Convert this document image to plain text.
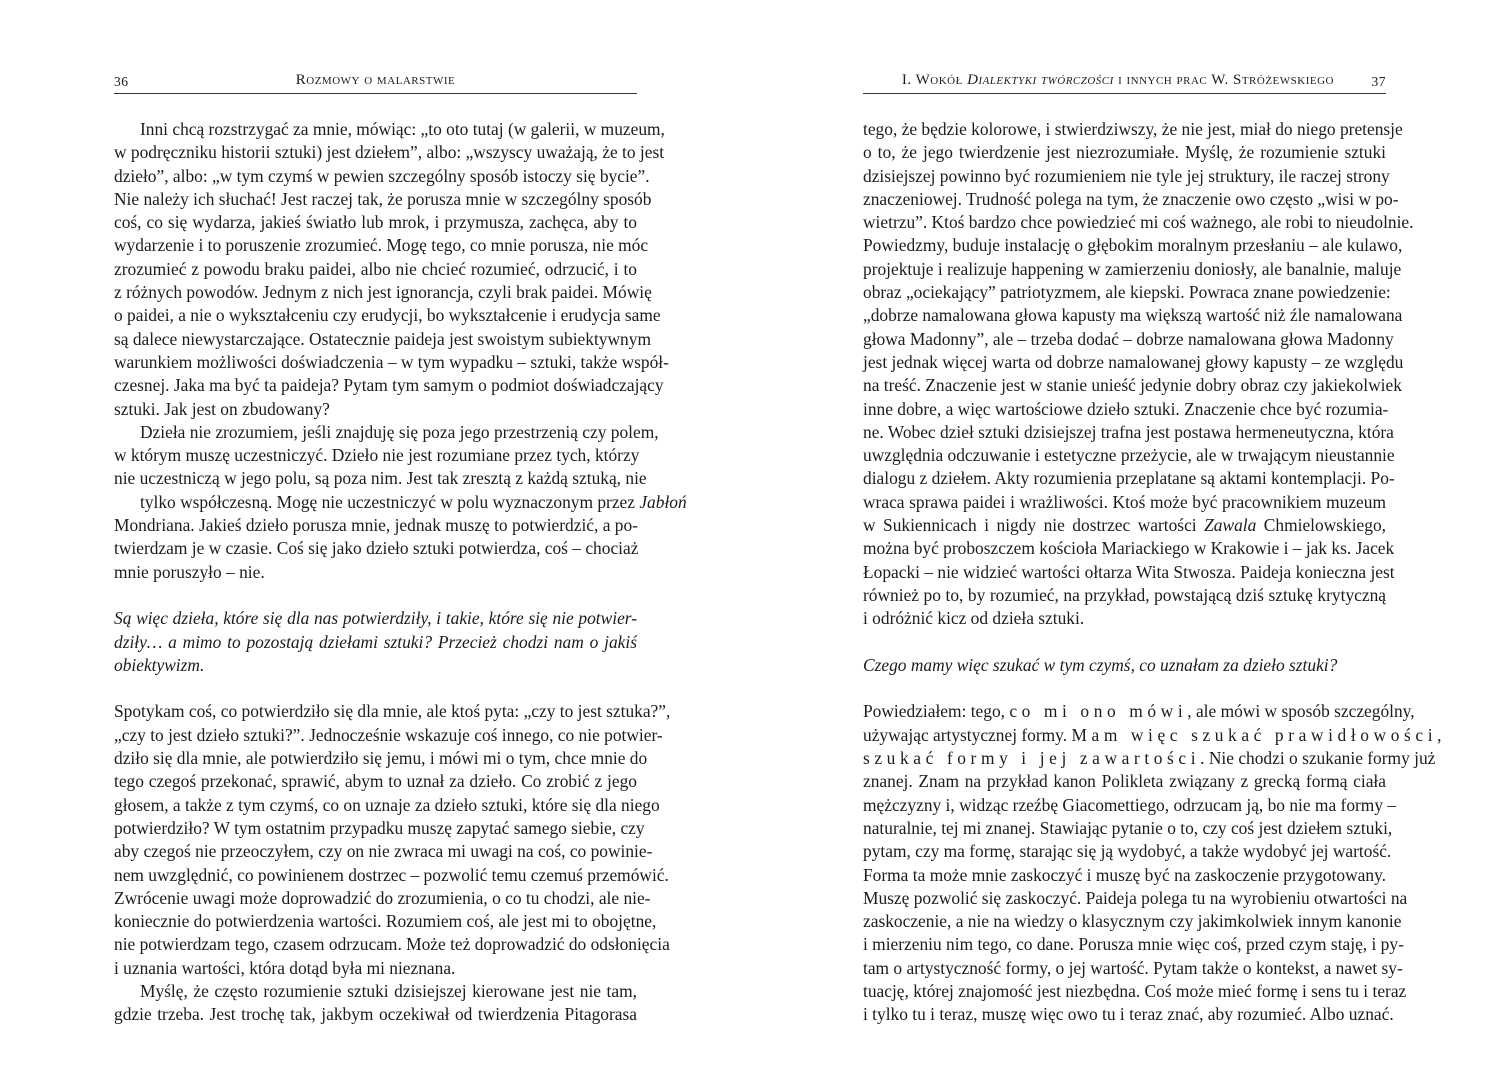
36	Rozmowy o malarstwie
Inni chcą rozstrzygać za mnie, mówiąc: „to oto tutaj (w galerii, w muzeum,
w podręczniku historii sztuki) jest dziełem”, albo: „wszyscy uważają, że to jest
dzieło”, albo: „w tym czymś w pewien szczególny sposób istoczy się bycie”.
Nie należy ich słuchać! Jest raczej tak, że porusza mnie w szczególny sposób
coś, co się wydarza, jakieś światło lub mrok, i przymusza, zachęca, aby to
wydarzenie i to poruszenie zrozumieć. Mogę tego, co mnie porusza, nie móc
zrozumieć z powodu braku paidei, albo nie chcieć rozumieć, odrzucić, i to
z różnych powodów. Jednym z nich jest ignorancja, czyli brak paidei. Mówię
o paidei, a nie o wykształceniu czy erudycji, bo wykształcenie i erudycja same
są dalece niewystarczające. Ostatecznie paideja jest swoistym subiektywnym
warunkiem możliwości doświadczenia – w tym wypadku – sztuki, także współ-
czesnej. Jaka ma być ta paideja? Pytam tym samym o podmiot doświadczający
sztuki. Jak jest on zbudowany?
Dzieła nie zrozumiem, jeśli znajduję się poza jego przestrzenią czy polem,
w którym muszę uczestniczyć. Dzieło nie jest rozumiane przez tych, którzy
nie uczestniczą w jego polu, są poza nim. Jest tak zresztą z każdą sztuką, nie
tylko współczesną. Mogę nie uczestniczyć w polu wyznaczonym przez Jabłoń
Mondriana. Jakieś dzieło porusza mnie, jednak muszę to potwierdzić, a po-
twierdzam je w czasie. Coś się jako dzieło sztuki potwierdza, coś – chociaż
mnie poruszyło – nie.
Są więc dzieła, które się dla nas potwierdziły, i takie, które się nie potwier-
dziły… a mimo to pozostają dziełami sztuki? Przecież chodzi nam o jakiś
obiektywizm.
Spotykam coś, co potwierdziło się dla mnie, ale ktoś pyta: „czy to jest sztuka?”,
„czy to jest dzieło sztuki?”. Jednocześnie wskazuje coś innego, co nie potwier-
dziło się dla mnie, ale potwierdziło się jemu, i mówi mi o tym, chce mnie do
tego czegoś przekonać, sprawić, abym to uznał za dzieło. Co zrobić z jego
głosem, a także z tym czymś, co on uznaje za dzieło sztuki, które się dla niego
potwierdziło? W tym ostatnim przypadku muszę zapytać samego siebie, czy
aby czegoś nie przeoczyłem, czy on nie zwraca mi uwagi na coś, co powinie-
nem uwzględnić, co powinienem dostrzec – pozwolić temu czemuś przemówić.
Zwrócenie uwagi może doprowadzić do zrozumienia, o co tu chodzi, ale nie-
koniecznie do potwierdzenia wartości. Rozumiem coś, ale jest mi to obojętne,
nie potwierdzam tego, czasem odrzucam. Może też doprowadzić do odsłonięcia
i uznania wartości, która dotąd była mi nieznana.
Myślę, że często rozumienie sztuki dzisiejszej kierowane jest nie tam,
gdzie trzeba. Jest trochę tak, jakbym oczekiwał od twierdzenia Pitagorasa
I. Wokół Dialektyki twórczości i innych prac W. Stróżewskiego	37
tego, że będzie kolorowe, i stwierdziwszy, że nie jest, miał do niego pretensje
o to, że jego twierdzenie jest niezrozumiałe. Myślę, że rozumienie sztuki
dzisiejszej powinno być rozumieniem nie tyle jej struktury, ile raczej strony
znaczeniowej. Trudność polega na tym, że znaczenie owo często „wisi w po-
wietrzu”. Ktoś bardzo chce powiedzieć mi coś ważnego, ale robi to nieudolnie.
Powiedzmy, buduje instalację o głębokim moralnym przesłaniu – ale kulawo,
projektuje i realizuje happening w zamierzeniu doniosły, ale banalnie, maluje
obraz „ociekający” patriotyzmem, ale kiepski. Powraca znane powiedzenie:
„dobrze namalowana głowa kapusty ma większą wartość niż źle namalowana
głowa Madonny”, ale – trzeba dodać – dobrze namalowana głowa Madonny
jest jednak więcej warta od dobrze namalowanej głowy kapusty – ze względu
na treść. Znaczenie jest w stanie unieść jedynie dobry obraz czy jakiekolwiek
inne dobre, a więc wartościowe dzieło sztuki. Znaczenie chce być rozumia-
ne. Wobec dzieł sztuki dzisiejszej trafna jest postawa hermeneutyczna, która
uwzględnia odczuwanie i estetyczne przeżycie, ale w trwającym nieustannie
dialogu z dziełem. Akty rozumienia przeplatane są aktami kontemplacji. Po-
wraca sprawa paidei i wrażliwości. Ktoś może być pracownikiem muzeum
w Sukiennicach i nigdy nie dostrzec wartości Zawala Chmielowskiego,
można być proboszczem kościoła Mariackiego w Krakowie i – jak ks. Jacek
Łopacki – nie widzieć wartości ołtarza Wita Stwosza. Paideja konieczna jest
również po to, by rozumieć, na przykład, powstającą dziś sztukę krytyczną
i odróżnić kicz od dzieła sztuki.
Czego mamy więc szukać w tym czymś, co uznałam za dzieło sztuki?
Powiedziałem: tego, co mi ono mówi, ale mówi w sposób szczególny,
używając artystycznej formy. Mam więc szukać prawidłowości,
szukać formy i jej zawartości. Nie chodzi o szukanie formy już
znanej. Znam na przykład kanon Polikleta związany z grecką formą ciała
mężczyzny i, widząc rzeźbę Giacomettiego, odrzucam ją, bo nie ma formy –
naturalnie, tej mi znanej. Stawiając pytanie o to, czy coś jest dziełem sztuki,
pytam, czy ma formę, starając się ją wydobyć, a także wydobyć jej wartość.
Forma ta może mnie zaskoczyć i muszę być na zaskoczenie przygotowany.
Muszę pozwolić się zaskoczyć. Paideja polega tu na wyrobieniu otwartości na
zaskoczenie, a nie na wiedzy o klasycznym czy jakimkolwiek innym kanonie
i mierzeniu nim tego, co dane. Porusza mnie więc coś, przed czym staję, i py-
tam o artystyczność formy, o jej wartość. Pytam także o kontekst, a nawet sy-
tuację, której znajomość jest niezbędna. Coś może mieć formę i sens tu i teraz
i tylko tu i teraz, muszę więc owo tu i teraz znać, aby rozumieć. Albo uznać.
